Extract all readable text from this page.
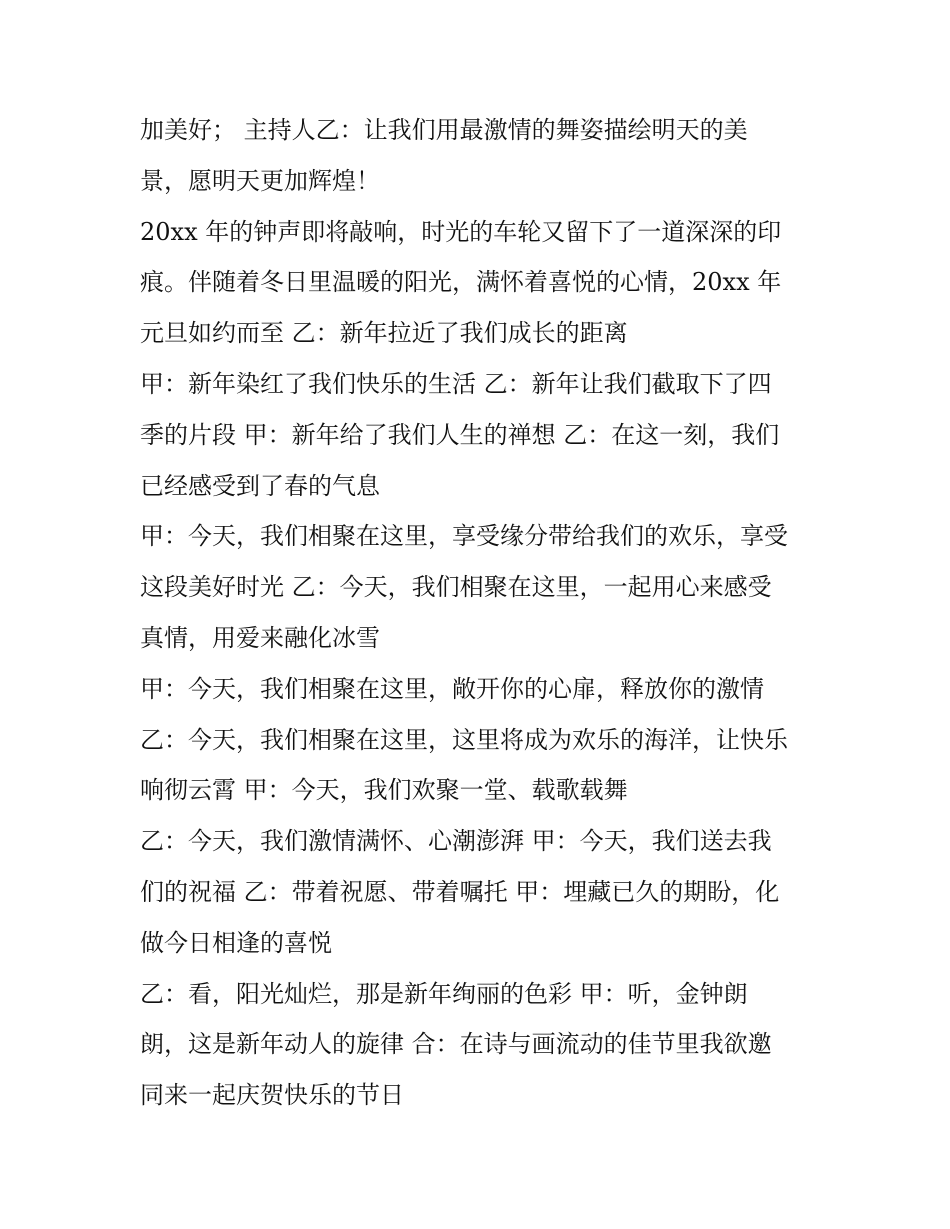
加美好； 主持人乙：让我们用最激情的舞姿描绘明天的美
景，愿明天更加辉煌！
20xx 年的钟声即将敲响，时光的车轮又留下了一道深深的印
痕。伴随着冬日里温暖的阳光，满怀着喜悦的心情，20xx 年
元旦如约而至 乙：新年拉近了我们成长的距离
甲：新年染红了我们快乐的生活 乙：新年让我们截取下了四
季的片段 甲：新年给了我们人生的禅想 乙：在这一刻，我们
已经感受到了春的气息
甲：今天，我们相聚在这里，享受缘分带给我们的欢乐，享受
这段美好时光 乙：今天，我们相聚在这里，一起用心来感受
真情，用爱来融化冰雪
甲：今天，我们相聚在这里，敞开你的心扉，释放你的激情
乙：今天，我们相聚在这里，这里将成为欢乐的海洋，让快乐
响彻云霄 甲：今天，我们欢聚一堂、载歌载舞
乙：今天，我们激情满怀、心潮澎湃 甲：今天，我们送去我
们的祝福 乙：带着祝愿、带着嘱托 甲：埋藏已久的期盼，化
做今日相逢的喜悦
乙：看，阳光灿烂，那是新年绚丽的色彩 甲：听，金钟朗
朗，这是新年动人的旋律 合：在诗与画流动的佳节里我欲邀
同来一起庆贺快乐的节日
